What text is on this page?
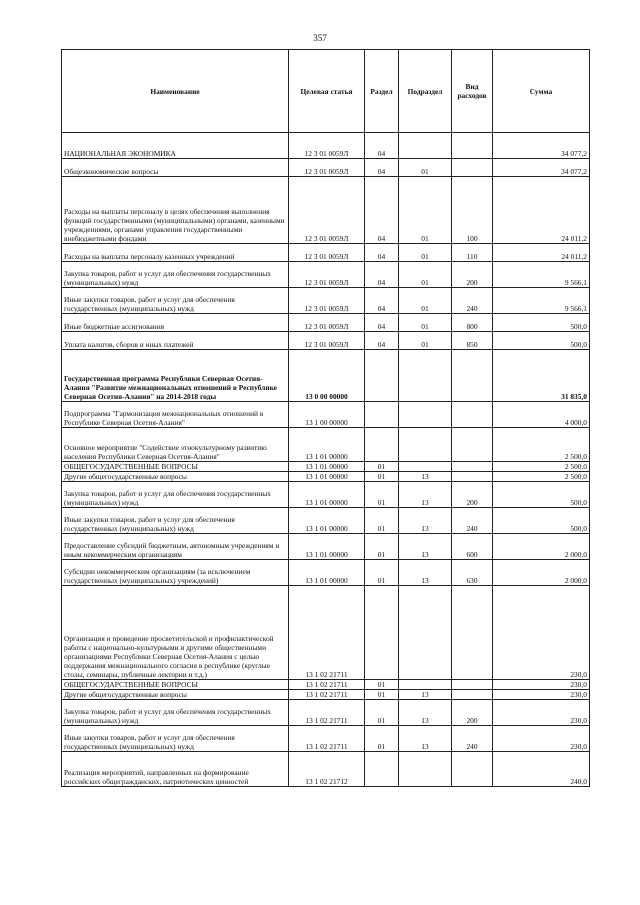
357
Наименование	Целевая статья	Раздел	Подраздел	Вид расходов	Сумма
НАЦИОНАЛЬНАЯ ЭКОНОМИКА	12 3 01 0059Л	04			34 077,2
Общеэкономические вопросы	12 3 01 0059Л	04	01		34 077,2
Расходы на выплаты персоналу в целях обеспечения выполнения функций государственными (муниципальными) органами, казенными учреждениями, органами управления государственными внебюджетными фондами	12 3 01 0059Л	04	01	100	24 011,2
Расходы на выплаты персоналу казенных учреждений	12 3 01 0059Л	04	01	110	24 011,2
Закупка товаров, работ и услуг для обеспечения государственных (муниципальных) нужд	12 3 01 0059Л	04	01	200	9 566,1
Иные закупки товаров, работ и услуг для обеспечения государственных (муниципальных) нужд	12 3 01 0059Л	04	01	240	9 566,1
Иные бюджетные ассигнования	12 3 01 0059Л	04	01	800	500,0
Уплата налогов, сборов и иных платежей	12 3 01 0059Л	04	01	850	500,0
Государственная программа Республики Северная Осетия-Алания "Развитие межнациональных отношений в Республике Северная Осетия-Алания" на 2014-2018 годы	13 0 00 00000				31 835,0
Подпрограмма "Гармонизация межнациональных отношений в Республике Северная Осетия-Алания"	13 1 00 00000				4 000,0
Основное мероприятие "Содействие этнокультурному развитию населения Республики Северная Осетия-Алания"	13 1 01 00000				2 500,0
ОБЩЕГОСУДАРСТВЕННЫЕ ВОПРОСЫ	13 1 01 00000	01			2 500,0
Другие общегосударственные вопросы	13 1 01 00000	01	13		2 500,0
Закупка товаров, работ и услуг для обеспечения государственных (муниципальных) нужд	13 1 01 00000	01	13	200	500,0
Иные закупки товаров, работ и услуг для обеспечения государственных (муниципальных) нужд	13 1 01 00000	01	13	240	500,0
Предоставление субсидий бюджетным, автономным учреждениям и иным некоммерческим организациям	13 1 01 00000	01	13	600	2 000,0
Субсидии некоммерческим организациям (за исключением государственных (муниципальных) учреждений)	13 1 01 00000	01	13	630	2 000,0
Организация и проведение просветительской и профилактической работы с национально-культурными и другими общественными организациями Республики Северная Осетия-Алания с целью поддержания межнационального согласия в республике (круглые столы, семинары, публичные лектории и т.д.)	13 1 02 21711				230,0
ОБЩЕГОСУДАРСТВЕННЫЕ ВОПРОСЫ	13 1 02 21711	01			230,0
Другие общегосударственные вопросы	13 1 02 21711	01	13		230,0
Закупка товаров, работ и услуг для обеспечения государственных (муниципальных) нужд	13 1 02 21711	01	13	200	230,0
Иные закупки товаров, работ и услуг для обеспечения государственных (муниципальных) нужд	13 1 02 21711	01	13	240	230,0
Реализация мероприятий, направленных на формирование российских общегражданских, патриотических ценностей	13 1 02 21712				240,0
